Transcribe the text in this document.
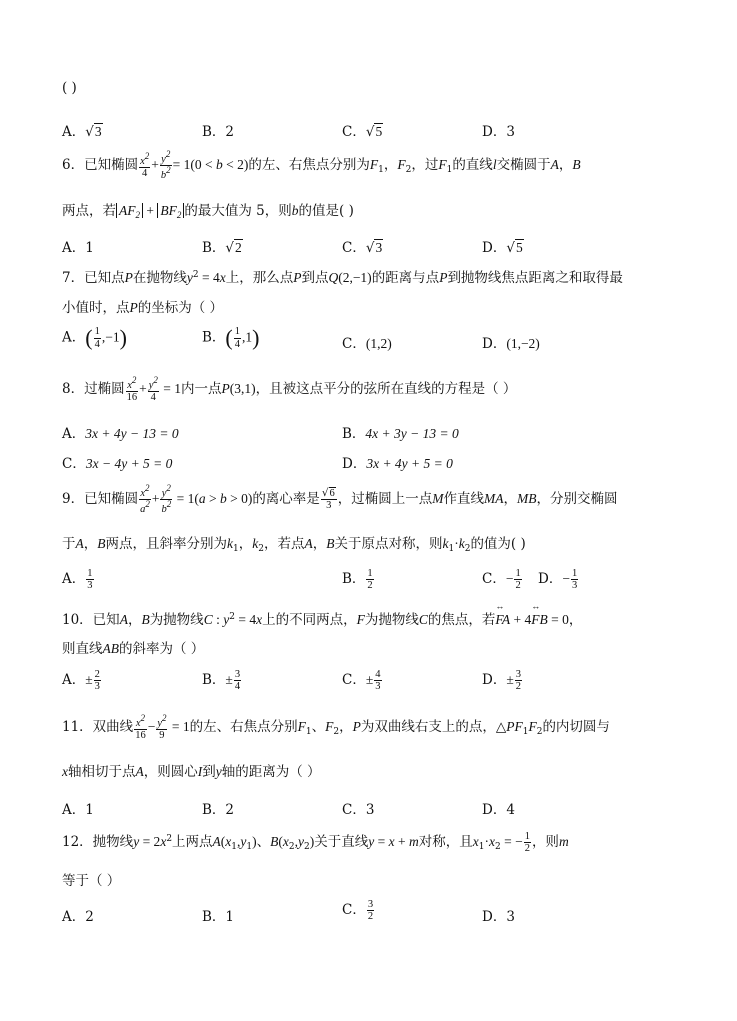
( )
A．√3	B．2	C．√5	D．3
6．已知椭圆 $\frac{x^2}{4} + \frac{y^2}{b^2} = 1(0 < b < 2)$的左、右焦点分别为$F_1$，$F_2$，过$F_1$的直线l交椭圆于A，B
两点，若 $AF_2 + BF_2$ 的最大值为 5，则b的值是( )
A．1	B．√2	C．√3	D．√5
7．已知点P在抛物线$y^2 = 4x$上，那么点P到点Q(2,−1)的距离与点P到抛物线焦点距离之和取得最
小值时，点P的坐标为（ ）
A．( $\frac{1}{4} ,-1$)	B．( $\frac{1}{4} ,1$)	C．(1,2)	D．(1,−2)
8．过椭圆 $\frac{x^2}{16} + \frac{y^2}{4} = 1$内一点P(3,1)，且被这点平分的弦所在直线的方程是（ ）
A．3x + 4y − 13 = 0	B．4x + 3y − 13 = 0
C．3x − 4y + 5 = 0	D．3x + 4y + 5 = 0
9．已知椭圆 $\frac{x^2}{a^2} + \frac{y^2}{b^2} = 1(a > b > 0)$的离心率是 $\frac{√6}{3}$ ，过椭圆上一点M作直线MA，MB，分别交椭圆
于A，B两点，且斜率分别为$k_1$，$k_2$，若点A，B关于原点对称，则$k_1\cdot k_2$的值为( )
A． $\frac{1}{3}$	B． $\frac{1}{2}$	C．− $\frac{1}{2}$ D．− $\frac{1}{3}$
10．已知A，B为抛物线C : $y^2 = 4x$上的不同两点，F为抛物线C的焦点，若↔ FA + 4↔ FB = 0，
则直线AB的斜率为（ ）
A．± $\frac{2}{3}$	B．± $\frac{3}{4}$	C．± $\frac{4}{3}$	D．± $\frac{3}{2}$
11．双曲线 $\frac{x^2}{16} - \frac{y^2}{9} = 1$的左、右焦点分别$F_1$、$F_2$，P为双曲线右支上的点，$\triangle PF_1F_2$的内切圆与
x轴相切于点A，则圆心I到y轴的距离为（ ）
A．1	B．2	C．3	D．4
12．抛物线$y = 2x^2$上两点$A(x_1,y_1)$、$B(x_2,y_2)$关于直线y = x + m对称，且$x_1\cdot x_2$ = − $\frac{1}{2}$ ，则m
等于（ ）
A．2	B．1	C． $\frac{3}{2}$	D．3
